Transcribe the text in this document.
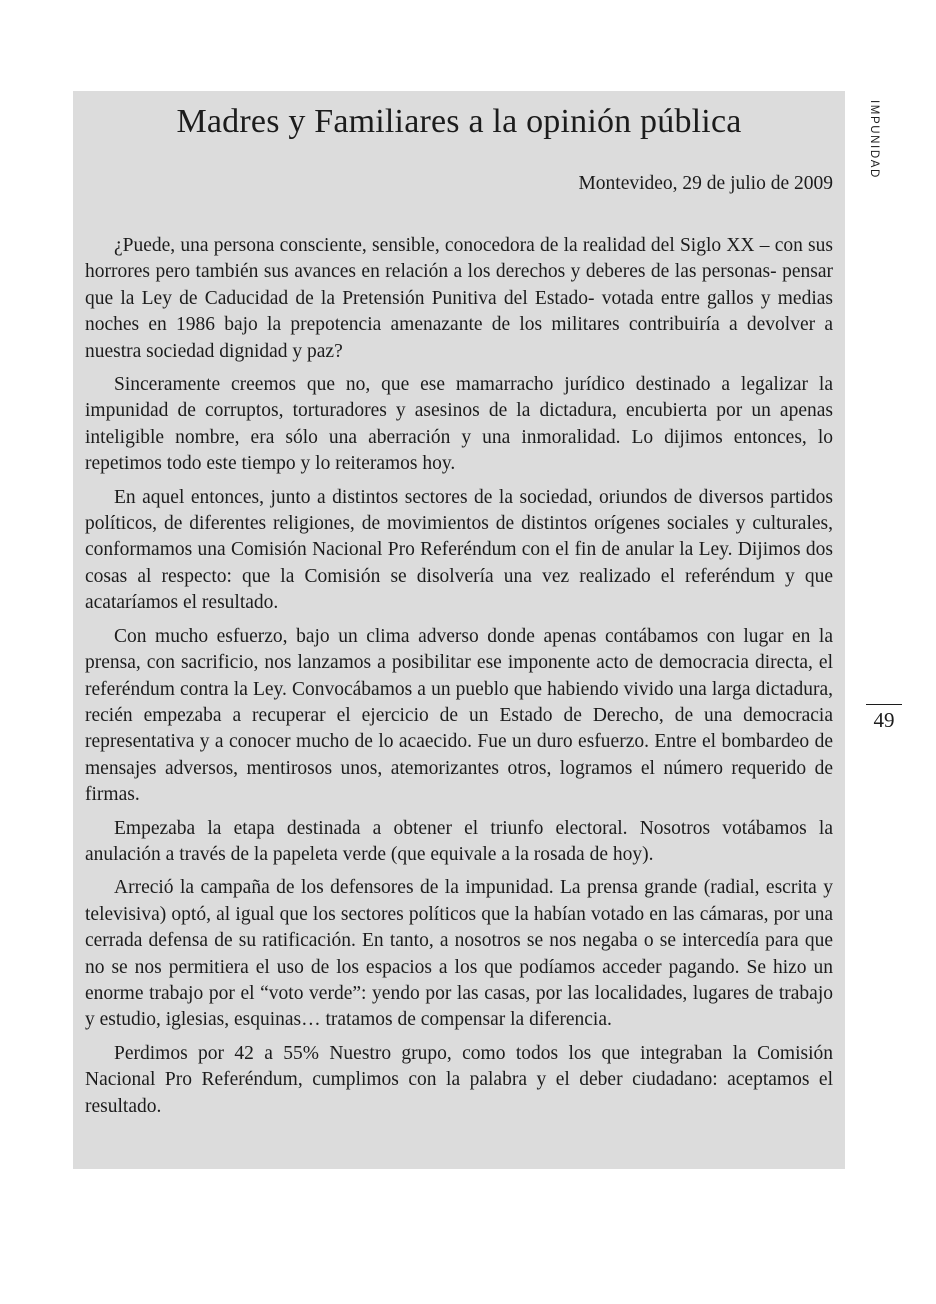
Madres y Familiares a la opinión pública
Montevideo, 29 de julio de 2009

¿Puede, una persona consciente, sensible, conocedora de la realidad del Siglo XX – con sus horrores pero también sus avances en relación a los derechos y deberes de las personas- pensar que la Ley de Caducidad de la Pretensión Punitiva del Estado- votada entre gallos y medias noches en 1986 bajo la prepotencia amenazante de los militares contribuiría a devolver a nuestra sociedad dignidad y paz?

Sinceramente creemos que no, que ese mamarracho jurídico destinado a legalizar la impunidad de corruptos, torturadores y asesinos de la dictadura, encubierta por un apenas inteligible nombre, era sólo una aberración y una inmoralidad. Lo dijimos entonces, lo repetimos todo este tiempo y lo reiteramos hoy.

En aquel entonces, junto a distintos sectores de la sociedad, oriundos de diversos partidos políticos, de diferentes religiones, de movimientos de distintos orígenes sociales y culturales, conformamos una Comisión Nacional Pro Referéndum con el fin de anular la Ley. Dijimos dos cosas al respecto: que la Comisión se disolvería una vez realizado el referéndum y que acataríamos el resultado.

Con mucho esfuerzo, bajo un clima adverso donde apenas contábamos con lugar en la prensa, con sacrificio, nos lanzamos a posibilitar ese imponente acto de democracia directa, el referéndum contra la Ley. Convocábamos a un pueblo que habiendo vivido una larga dictadura, recién empezaba a recuperar el ejercicio de un Estado de Derecho, de una democracia representativa y a conocer mucho de lo acaecido. Fue un duro esfuerzo. Entre el bombardeo de mensajes adversos, mentirosos unos, atemorizantes otros, logramos el número requerido de firmas.

Empezaba la etapa destinada a obtener el triunfo electoral. Nosotros votábamos la anulación a través de la papeleta verde (que equivale a la rosada de hoy).

Arreció la campaña de los defensores de la impunidad. La prensa grande (radial, escrita y televisiva) optó, al igual que los sectores políticos que la habían votado en las cámaras, por una cerrada defensa de su ratificación. En tanto, a nosotros se nos negaba o se intercedía para que no se nos permitiera el uso de los espacios a los que podíamos acceder pagando. Se hizo un enorme trabajo por el “voto verde”: yendo por las casas, por las localidades, lugares de trabajo y estudio, iglesias, esquinas… tratamos de compensar la diferencia.

Perdimos por 42 a 55% Nuestro grupo, como todos los que integraban la Comisión Nacional Pro Referéndum, cumplimos con la palabra y el deber ciudadano: aceptamos el resultado.

IMPUNIDAD
49
